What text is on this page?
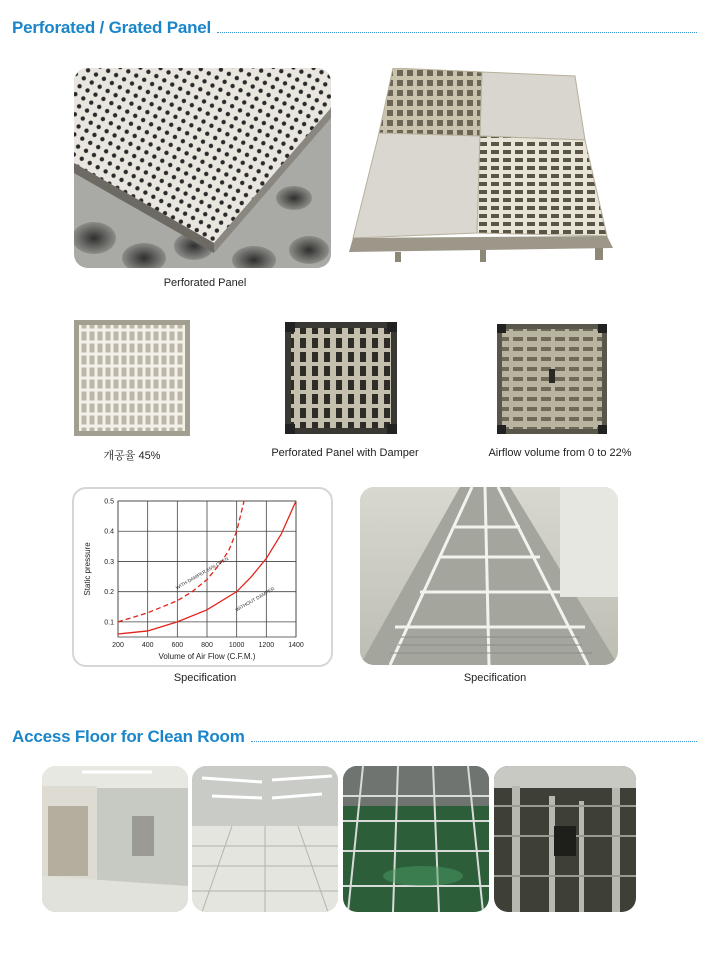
Perforated / Grated Panel
Perforated Panel
개공율 45%	Perforated Panel with Damper	Airflow volume from 0 to 22%
200	400	600	800 1000 1200 1400
0.1
0.2
0.3
0.4
0.5
Volume of Air Flow (C.F.M.)
Static pressure	WITH DAMPER 65% OPEN
WITHOUT DAMPER
Specification	Specification
Access Floor for Clean Room
